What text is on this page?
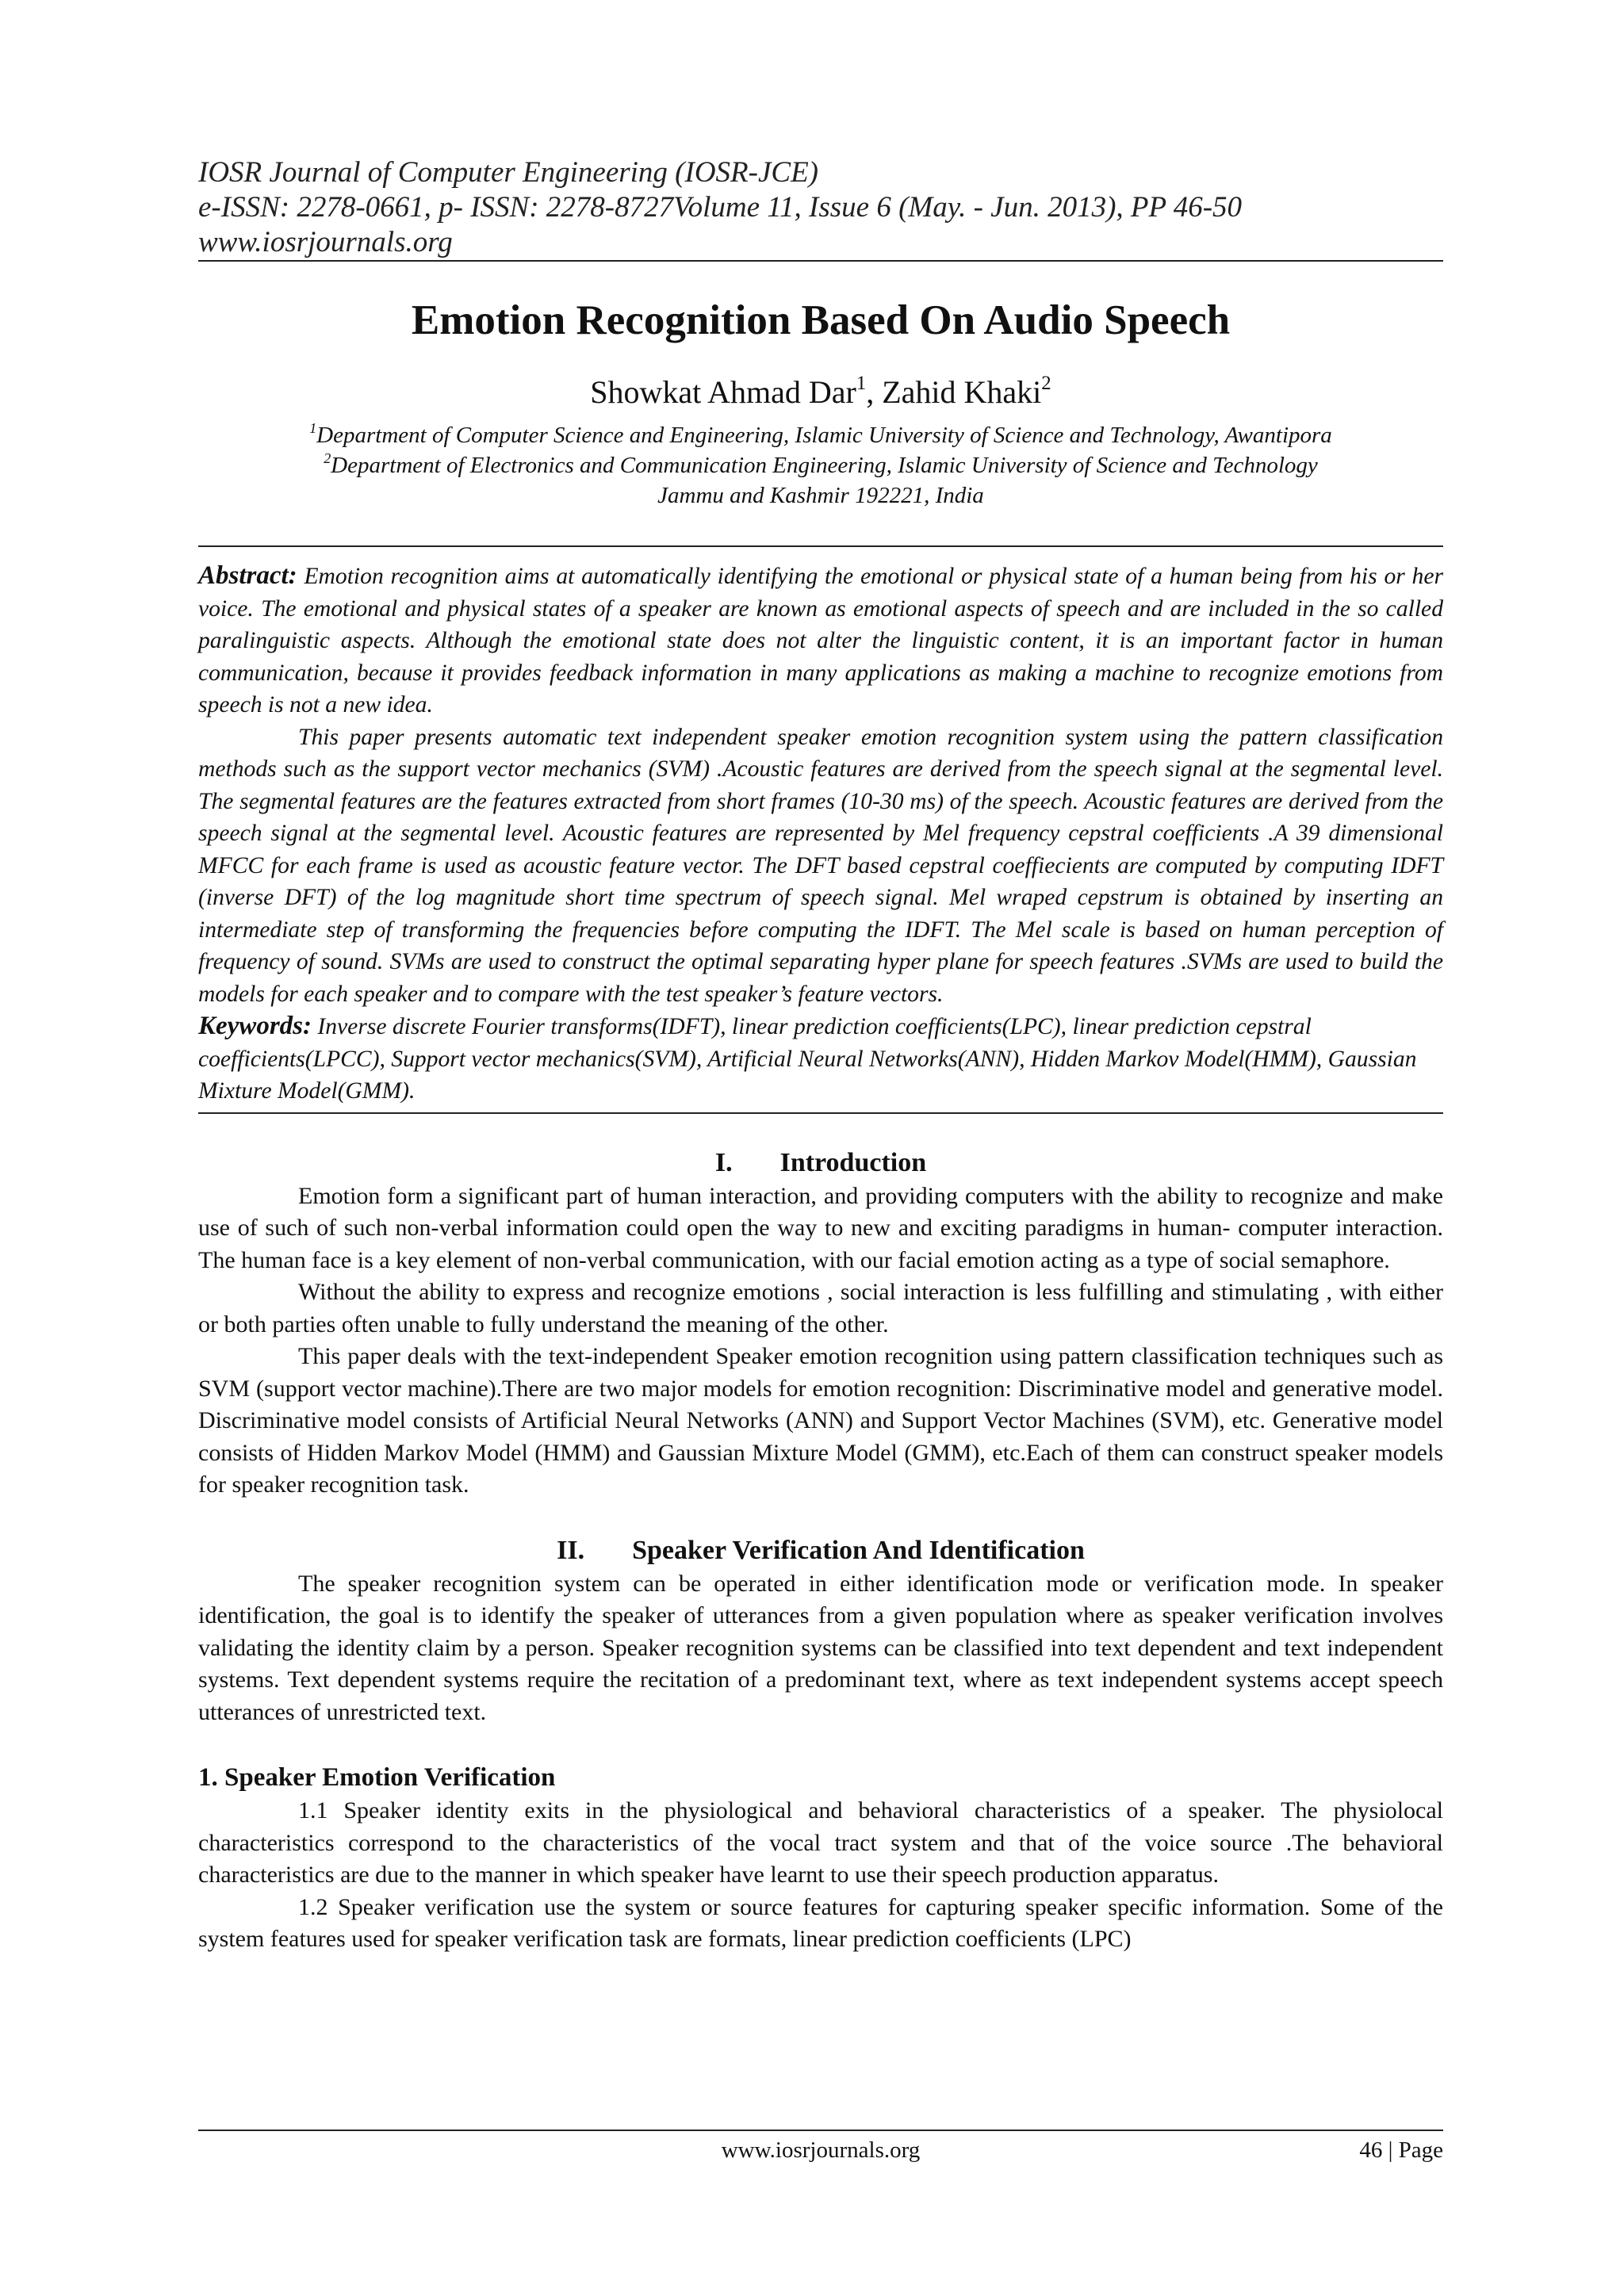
IOSR Journal of Computer Engineering (IOSR-JCE)
e-ISSN: 2278-0661, p- ISSN: 2278-8727Volume 11, Issue 6 (May. - Jun. 2013), PP 46-50
www.iosrjournals.org
Emotion Recognition Based On Audio Speech
Showkat Ahmad Dar$^1$, Zahid Khaki$^2$
$^1$Department of Computer Science and Engineering, Islamic University of Science and Technology, Awantipora
$^2$Department of Electronics and Communication Engineering, Islamic University of Science and Technology
Jammu and Kashmir 192221, India

Abstract: Emotion recognition aims at automatically identifying the emotional or physical state of a human being from his or her voice. The emotional and physical states of a speaker are known as emotional aspects of speech and are included in the so called paralinguistic aspects. Although the emotional state does not alter the linguistic content, it is an important factor in human communication, because it provides feedback information in many applications as making a machine to recognize emotions from speech is not a new idea.

This paper presents automatic text independent speaker emotion recognition system using the pattern classification methods such as the support vector mechanics (SVM) .Acoustic features are derived from the speech signal at the segmental level. The segmental features are the features extracted from short frames (10-30 ms) of the speech. Acoustic features are derived from the speech signal at the segmental level. Acoustic features are represented by Mel frequency cepstral coefficients .A 39 dimensional MFCC for each frame is used as acoustic feature vector. The DFT based cepstral coeffiecients are computed by computing IDFT (inverse DFT) of the log magnitude short time spectrum of speech signal. Mel wraped cepstrum is obtained by inserting an intermediate step of transforming the frequencies before computing the IDFT. The Mel scale is based on human perception of frequency of sound. SVMs are used to construct the optimal separating hyper plane for speech features .SVMs are used to build the models for each speaker and to compare with the test speaker’s feature vectors.

Keywords: Inverse discrete Fourier transforms(IDFT), linear prediction coefficients(LPC), linear prediction cepstral coefficients(LPCC), Support vector mechanics(SVM), Artificial Neural Networks(ANN), Hidden Markov Model(HMM), Gaussian Mixture Model(GMM).

I. Introduction

Emotion form a significant part of human interaction, and providing computers with the ability to recognize and make use of such of such non-verbal information could open the way to new and exciting paradigms in human- computer interaction. The human face is a key element of non-verbal communication, with our facial emotion acting as a type of social semaphore.

Without the ability to express and recognize emotions , social interaction is less fulfilling and stimulating , with either or both parties often unable to fully understand the meaning of the other.

This paper deals with the text-independent Speaker emotion recognition using pattern classification techniques such as SVM (support vector machine).There are two major models for emotion recognition: Discriminative model and generative model. Discriminative model consists of Artificial Neural Networks (ANN) and Support Vector Machines (SVM), etc. Generative model consists of Hidden Markov Model (HMM) and Gaussian Mixture Model (GMM), etc.Each of them can construct speaker models for speaker recognition task.

II. Speaker Verification And Identification

The speaker recognition system can be operated in either identification mode or verification mode. In speaker identification, the goal is to identify the speaker of utterances from a given population where as speaker verification involves validating the identity claim by a person. Speaker recognition systems can be classified into text dependent and text independent systems. Text dependent systems require the recitation of a predominant text, where as text independent systems accept speech utterances of unrestricted text.

1. Speaker Emotion Verification

1.1 Speaker identity exits in the physiological and behavioral characteristics of a speaker. The physiolocal characteristics correspond to the characteristics of the vocal tract system and that of the voice source .The behavioral characteristics are due to the manner in which speaker have learnt to use their speech production apparatus.

1.2 Speaker verification use the system or source features for capturing speaker specific information. Some of the system features used for speaker verification task are formats, linear prediction coefficients (LPC)

www.iosrjournals.org	46 | Page
